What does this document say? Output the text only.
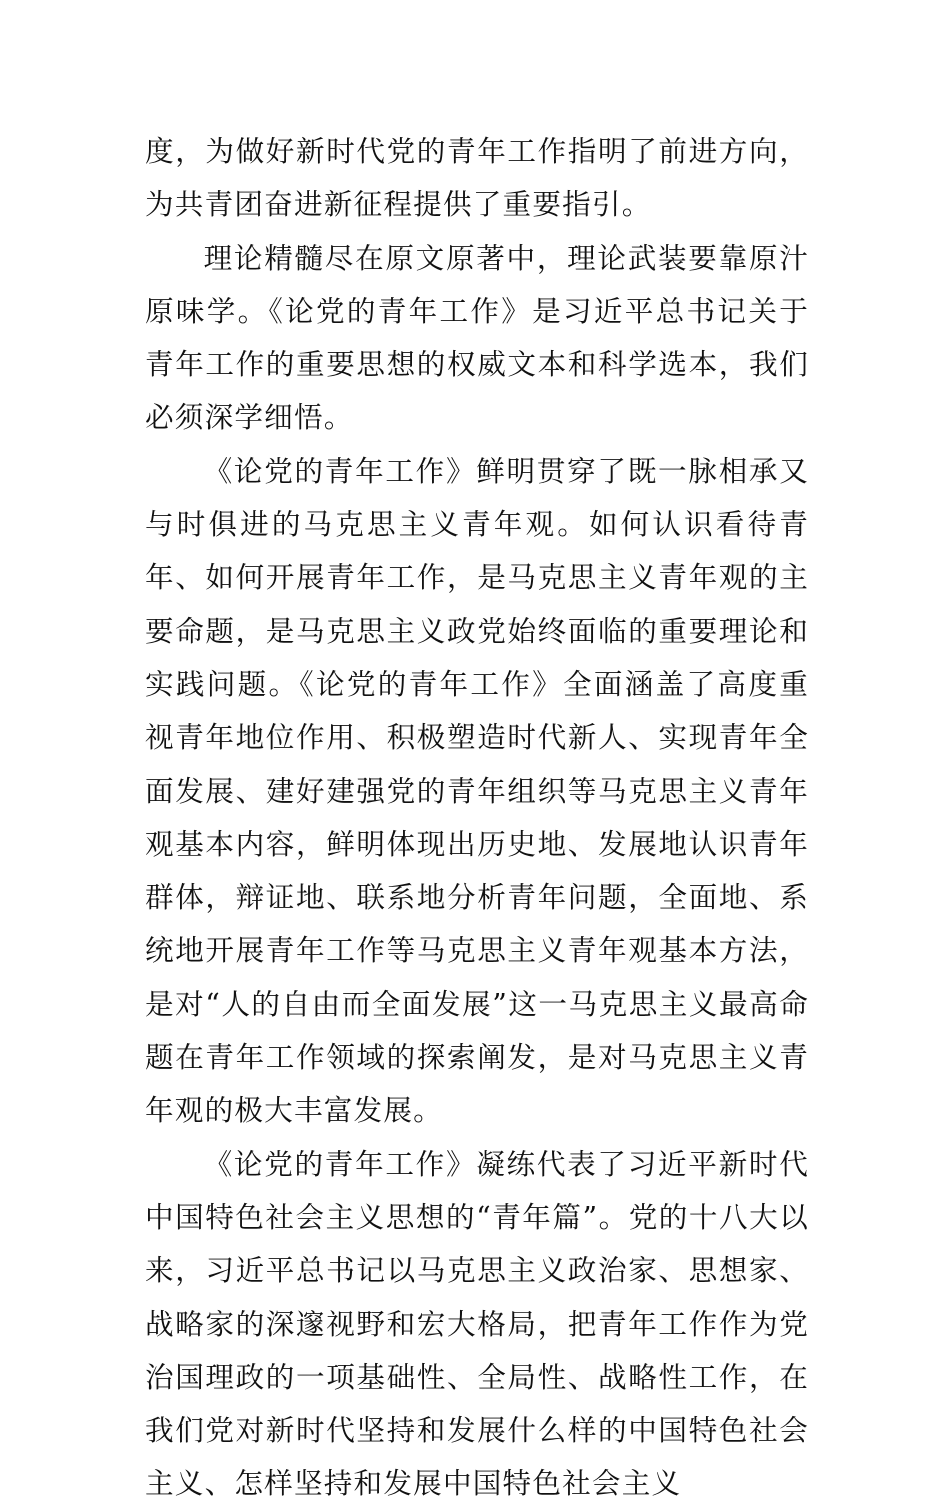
度，为做好新时代党的青年工作指明了前进方向，为共青团奋进新征程提供了重要指引。

理论精髓尽在原文原著中，理论武装要靠原汁原味学。《论党的青年工作》是习近平总书记关于青年工作的重要思想的权威文本和科学选本，我们必须深学细悟。

《论党的青年工作》鲜明贯穿了既一脉相承又与时俱进的马克思主义青年观。如何认识看待青年、如何开展青年工作，是马克思主义青年观的主要命题，是马克思主义政党始终面临的重要理论和实践问题。《论党的青年工作》全面涵盖了高度重视青年地位作用、积极塑造时代新人、实现青年全面发展、建好建强党的青年组织等马克思主义青年观基本内容，鲜明体现出历史地、发展地认识青年群体，辩证地、联系地分析青年问题，全面地、系统地开展青年工作等马克思主义青年观基本方法，是对“人的自由而全面发展”这一马克思主义最高命题在青年工作领域的探索阐发，是对马克思主义青年观的极大丰富发展。

《论党的青年工作》凝练代表了习近平新时代中国特色社会主义思想的“青年篇”。党的十八大以来，习近平总书记以马克思主义政治家、思想家、战略家的深邃视野和宏大格局，把青年工作作为党治国理政的一项基础性、全局性、战略性工作，在我们党对新时代坚持和发展什么样的中国特色社会主义、怎样坚持和发展中国特色社会主义
